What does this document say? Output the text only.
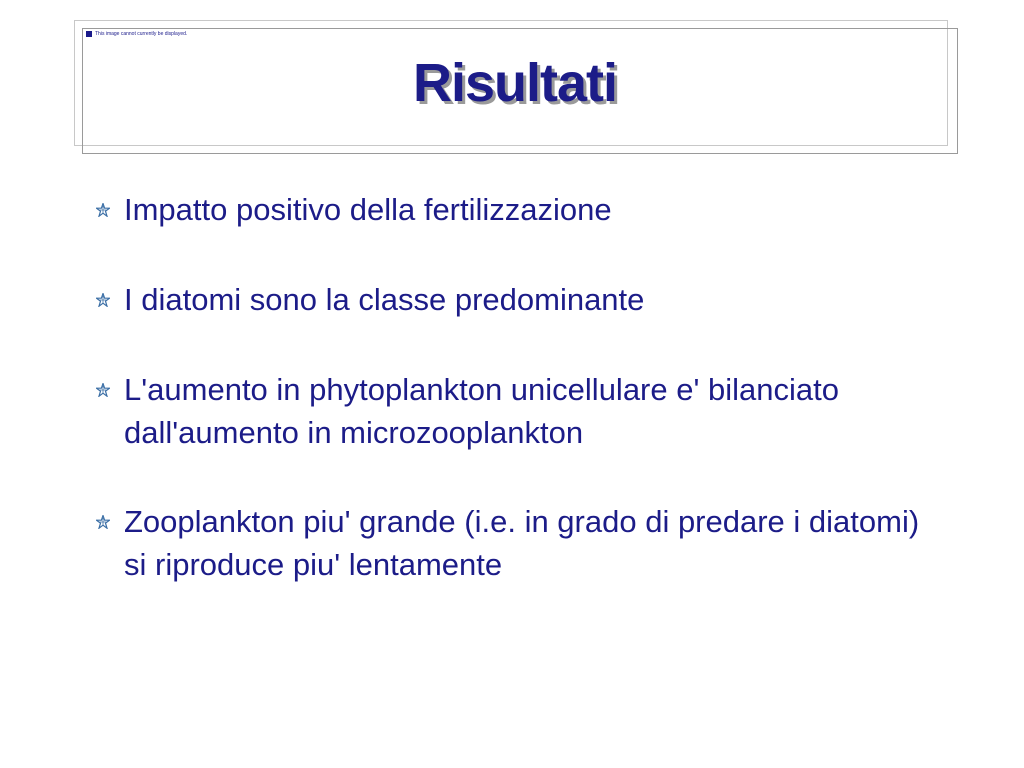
This image cannot currently be displayed.
Risultati
Impatto positivo della fertilizzazione
I diatomi sono la classe predominante
L'aumento in phytoplankton unicellulare e' bilanciato dall'aumento in microzooplankton
Zooplankton piu' grande (i.e. in grado di predare i diatomi) si riproduce piu' lentamente
